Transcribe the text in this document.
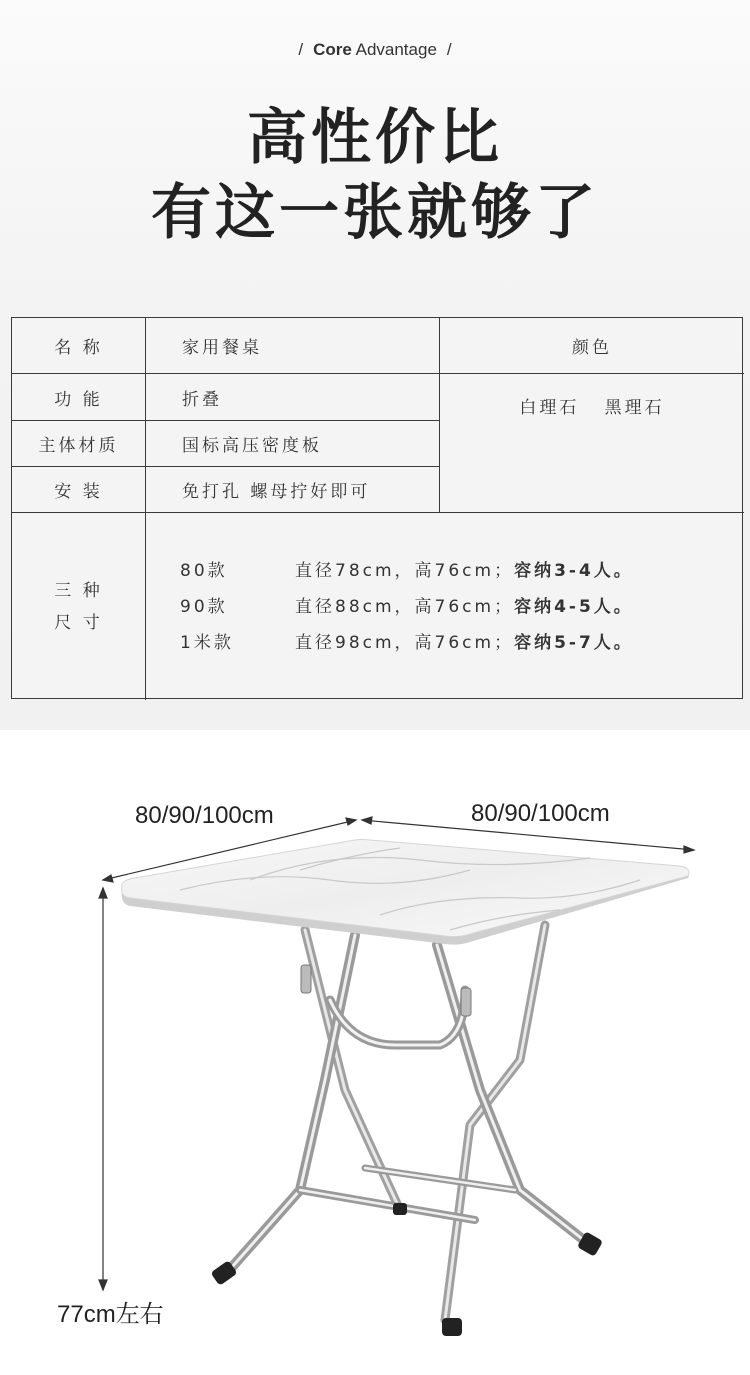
/ Core Advantage /
高性价比
有这一张就够了
名 称	家用餐桌
功 能	折叠
主体材质	国标高压密度板
安 装	免打孔 螺母拧好即可
颜色
白理石   黑理石
三 种
尺 寸
80款	直径78cm，高76cm； 容纳3-4人。
90款	直径88cm，高76cm； 容纳4-5人。
1米款	直径98cm，高76cm； 容纳5-7人。
80/90/100cm	80/90/100cm
77cm左右
